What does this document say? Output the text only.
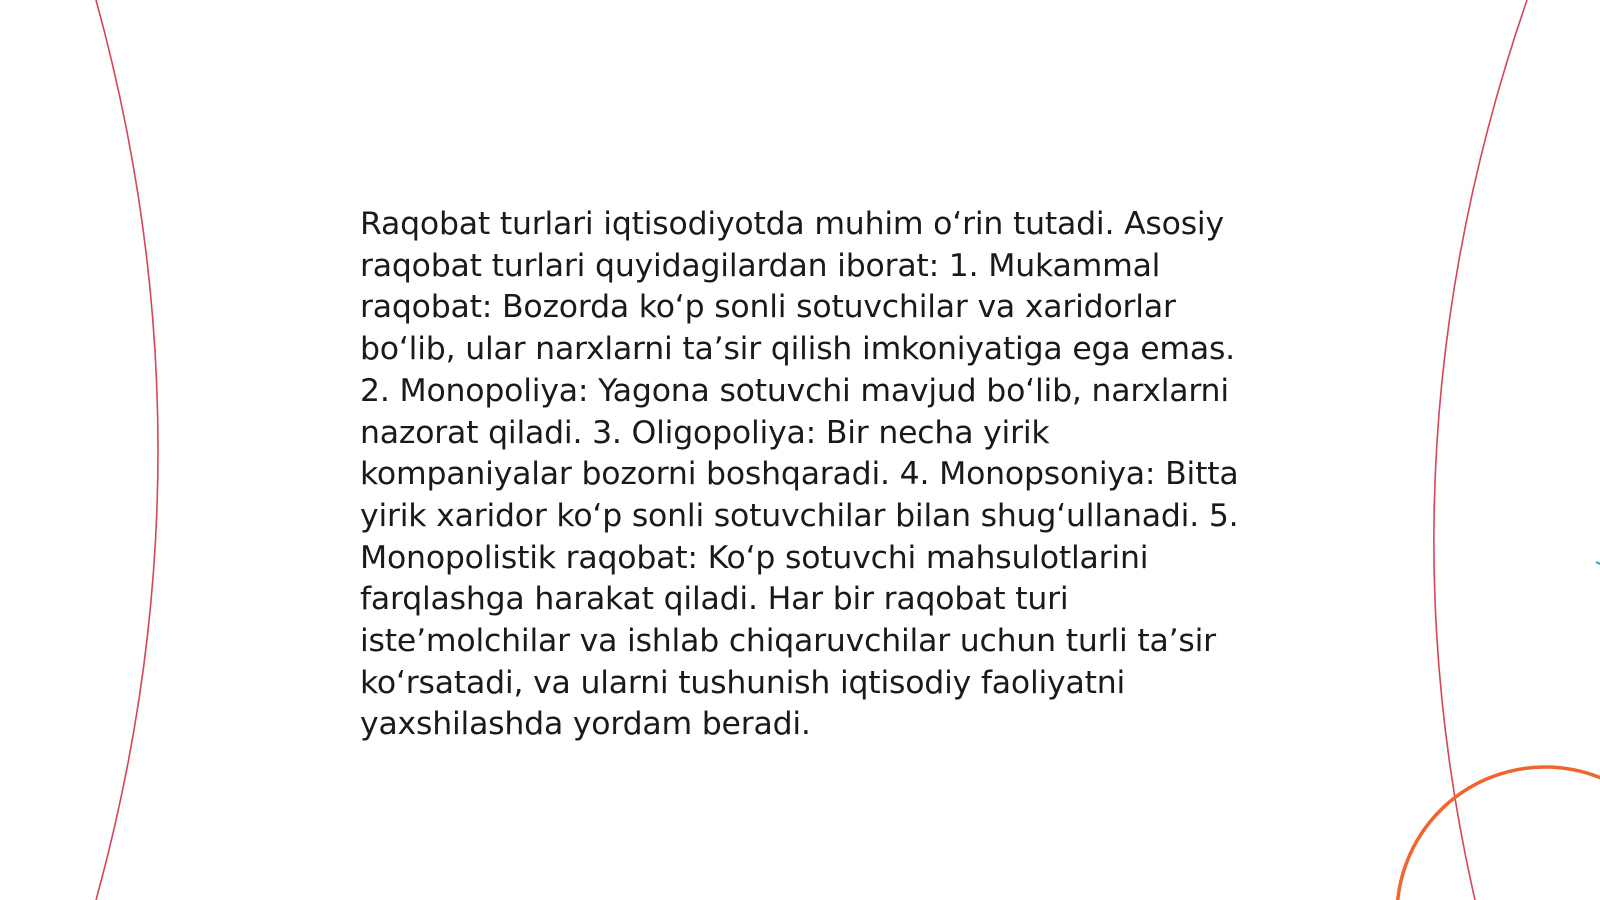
Raqobat turlari iqtisodiyotda muhim oʻrin tutadi. Asosiy raqobat turlari quyidagilardan iborat: 1. Mukammal raqobat: Bozorda koʻp sonli sotuvchilar va xaridorlar boʻlib, ular narxlarni taʼsir qilish imkoniyatiga ega emas. 2. Monopoliya: Yagona sotuvchi mavjud boʻlib, narxlarni nazorat qiladi. 3. Oligopoliya: Bir necha yirik kompaniyalar bozorni boshqaradi. 4. Monopsoniya: Bitta yirik xaridor koʻp sonli sotuvchilar bilan shugʻullanadi. 5. Monopolistik raqobat: Koʻp sotuvchi mahsulotlarini farqlashga harakat qiladi. Har bir raqobat turi isteʼmolchilar va ishlab chiqaruvchilar uchun turli taʼsir koʻrsatadi, va ularni tushunish iqtisodiy faoliyatni yaxshilashda yordam beradi.
